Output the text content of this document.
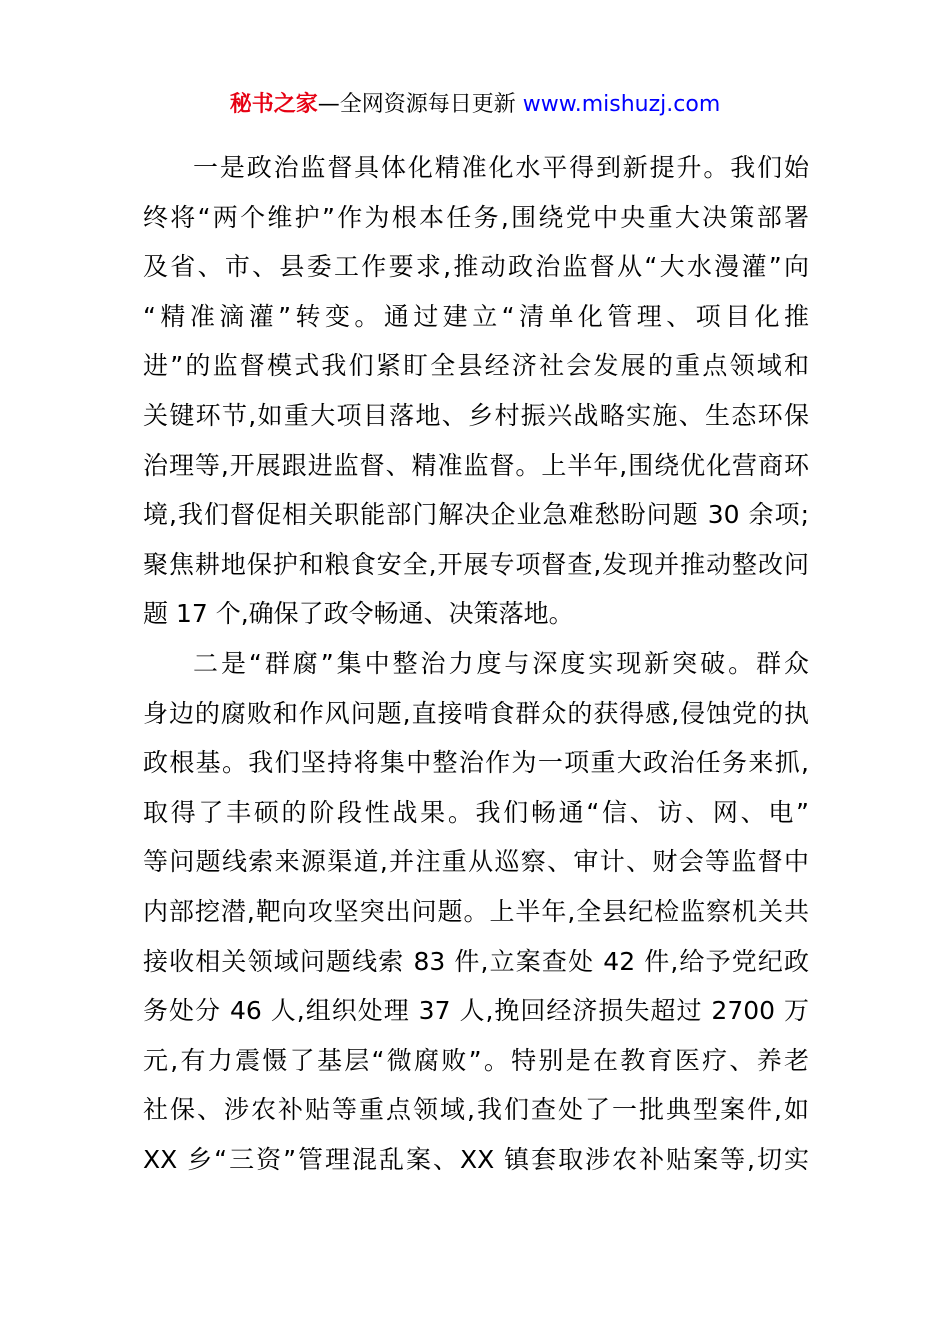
秘书之家—全网资源每日更新 www.mishuzj.com
一是政治监督具体化精准化水平得到新提升。我们始
终将“两个维护”作为根本任务,围绕党中央重大决策部署
及省、市、县委工作要求,推动政治监督从“大水漫灌”向
“精准滴灌”转变。通过建立“清单化管理、项目化推
进”的监督模式我们紧盯全县经济社会发展的重点领域和
关键环节,如重大项目落地、乡村振兴战略实施、生态环保
治理等,开展跟进监督、精准监督。上半年,围绕优化营商环
境,我们督促相关职能部门解决企业急难愁盼问题 30 余项;
聚焦耕地保护和粮食安全,开展专项督查,发现并推动整改问
题 17 个,确保了政令畅通、决策落地。
二是“群腐”集中整治力度与深度实现新突破。群众
身边的腐败和作风问题,直接啃食群众的获得感,侵蚀党的执
政根基。我们坚持将集中整治作为一项重大政治任务来抓,
取得了丰硕的阶段性战果。我们畅通“信、访、网、电”
等问题线索来源渠道,并注重从巡察、审计、财会等监督中
内部挖潜,靶向攻坚突出问题。上半年,全县纪检监察机关共
接收相关领域问题线索 83 件,立案查处 42 件,给予党纪政
务处分 46 人,组织处理 37 人,挽回经济损失超过 2700 万
元,有力震慑了基层“微腐败”。特别是在教育医疗、养老
社保、涉农补贴等重点领域,我们查处了一批典型案件,如
XX 乡“三资”管理混乱案、XX 镇套取涉农补贴案等,切实
